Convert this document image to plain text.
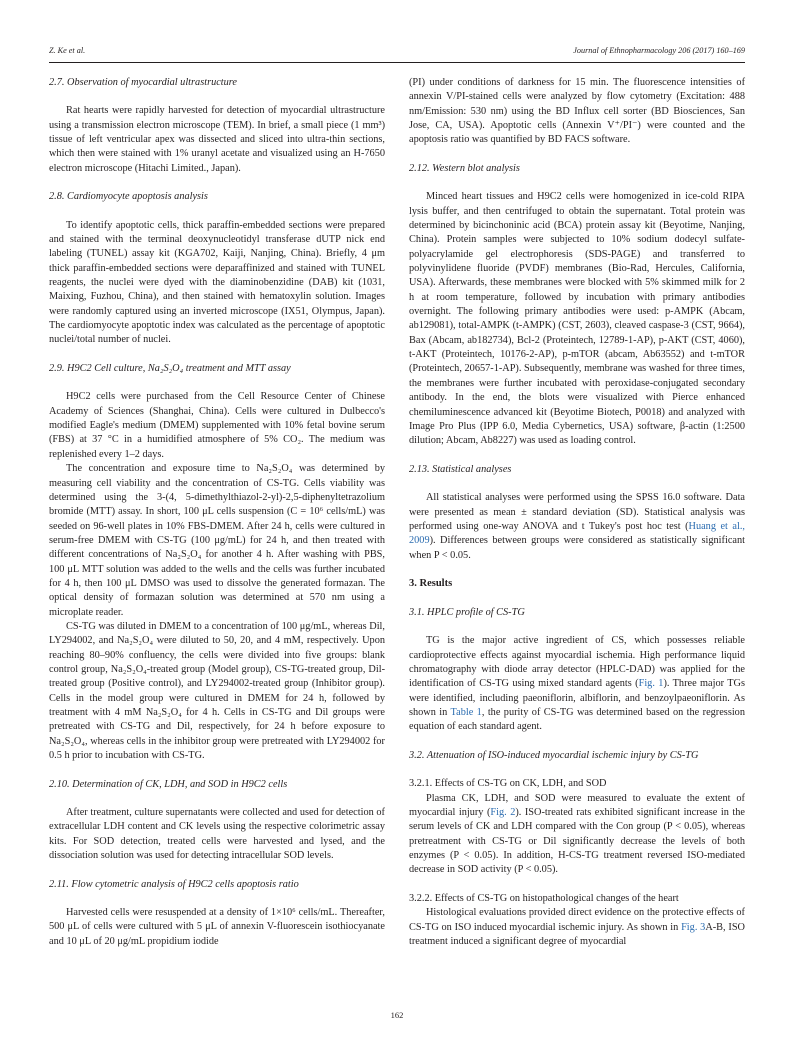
Z. Ke et al.	Journal of Ethnopharmacology 206 (2017) 160–169

2.7. Observation of myocardial ultrastructure

Rat hearts were rapidly harvested for detection of myocardial ultrastructure using a transmission electron microscope (TEM). In brief, a small piece (1 mm³) tissue of left ventricular apex was dissected and sliced into ultra-thin sections, which then were stained with 1% uranyl acetate and visualized using an H-7650 electron microscope (Hitachi Limited., Japan).

2.8. Cardiomyocyte apoptosis analysis

To identify apoptotic cells, thick paraffin-embedded sections were prepared and stained with the terminal deoxynucleotidyl transferase dUTP nick end labeling (TUNEL) assay kit (KGA702, Kaiji, Nanjing, China). Briefly, 4 μm thick paraffin-embedded sections were deparaffinized and stained with TUNEL reagents, the nuclei were dyed with the diaminobenzidine (DAB) kit (1031, Maixing, Fuzhou, China), and then stained with hematoxylin solution. Images were randomly captured using an inverted microscope (IX51, Olympus, Japan). The cardiomyocyte apoptotic index was calculated as the percentage of apoptotic nuclei/total number of nuclei.

2.9. H9C2 Cell culture, Na₂S₂O₄ treatment and MTT assay

H9C2 cells were purchased from the Cell Resource Center of Chinese Academy of Sciences (Shanghai, China). Cells were cultured in Dulbecco's modified Eagle's medium (DMEM) supplemented with 10% fetal bovine serum (FBS) at 37 °C in a humidified atmosphere of 5% CO₂. The medium was replenished every 1–2 days.

The concentration and exposure time to Na₂S₂O₄ was determined by measuring cell viability and the concentration of CS-TG. Cells viability was determined using the 3-(4, 5-dimethylthiazol-2-yl)-2,5-diphenyltetrazolium bromide (MTT) assay. In short, 100 μL cells suspension (C = 10⁶ cells/mL) was seeded on 96-well plates in 10% FBS-DMEM. After 24 h, cells were cultured in serum-free DMEM with CS-TG (100 μg/mL) for 24 h, and then treated with different concentrations of Na₂S₂O₄ for another 4 h. After washing with PBS, 100 μL MTT solution was added to the wells and the cells was further incubated for 4 h, then 100 μL DMSO was used to dissolve the generated formazan. The optical density of formazan solution was determined at 570 nm using a microplate reader.

CS-TG was diluted in DMEM to a concentration of 100 μg/mL, whereas Dil, LY294002, and Na₂S₂O₄ were diluted to 50, 20, and 4 mM, respectively. Upon reaching 80–90% confluency, the cells were divided into five groups: blank control group, Na₂S₂O₄-treated group (Model group), CS-TG-treated group, Dil-treated group (Positive control), and LY294002-treated group (Inhibitor group). Cells in the model group were cultured in DMEM for 24 h, followed by treatment with 4 mM Na₂S₂O₄ for 4 h. Cells in CS-TG and Dil groups were pretreated with CS-TG and Dil, respectively, for 24 h before exposure to Na₂S₂O₄, whereas cells in the inhibitor group were pretreated with LY294002 for 0.5 h prior to incubation with CS-TG.

2.10. Determination of CK, LDH, and SOD in H9C2 cells

After treatment, culture supernatants were collected and used for detection of extracellular LDH content and CK levels using the respective colorimetric assay kits. For SOD detection, treated cells were harvested and lysed, and the dissociation solution was used for detecting intracellular SOD levels.

2.11. Flow cytometric analysis of H9C2 cells apoptosis ratio

Harvested cells were resuspended at a density of 1×10⁶ cells/mL. Thereafter, 500 μL of cells were cultured with 5 μL of annexin V-fluorescein isothiocyanate and 10 μL of 20 μg/mL propidium iodide

(PI) under conditions of darkness for 15 min. The fluorescence intensities of annexin V/PI-stained cells were analyzed by flow cytometry (Excitation: 488 nm/Emission: 530 nm) using the BD Influx cell sorter (BD Biosciences, San Jose, CA, USA). Apoptotic cells (Annexin V⁺/PI⁻) were counted and the apoptosis ratio was quantified by BD FACS software.

2.12. Western blot analysis

Minced heart tissues and H9C2 cells were homogenized in ice-cold RIPA lysis buffer, and then centrifuged to obtain the supernatant. Total protein was determined by bicinchoninic acid (BCA) protein assay kit (Beyotime, Nanjing, China). Protein samples were subjected to 10% sodium dodecyl sulfate-polyacrylamide gel electrophoresis (SDS-PAGE) and transferred to polyvinylidene fluoride (PVDF) membranes (Bio-Rad, Hercules, California, USA). Afterwards, these membranes were blocked with 5% skimmed milk for 2 h at room temperature, followed by incubation with primary antibodies overnight. The following primary antibodies were used: p-AMPK (Abcam, ab129081), total-AMPK (t-AMPK) (CST, 2603), cleaved caspase-3 (CST, 9664), Bax (Abcam, ab182734), Bcl-2 (Proteintech, 12789-1-AP), p-AKT (CST, 4060), t-AKT (Proteintech, 10176-2-AP), p-mTOR (abcam, Ab63552) and t-mTOR (Proteintech, 20657-1-AP). Subsequently, membrane was washed for three times, the membranes were further incubated with peroxidase-conjugated secondary antibody. In the end, the blots were visualized with Pierce enhanced chemiluminescence advanced kit (Beyotime Biotech, P0018) and analyzed with Image Pro Plus (IPP 6.0, Media Cybernetics, USA) software, β-actin (1:2500 dilution; Abcam, Ab8227) was used as loading control.

2.13. Statistical analyses

All statistical analyses were performed using the SPSS 16.0 software. Data were presented as mean ± standard deviation (SD). Statistical analysis was performed using one-way ANOVA and t Tukey's post hoc test (Huang et al., 2009). Differences between groups were considered as statistically significant when P < 0.05.

3. Results

3.1. HPLC profile of CS-TG

TG is the major active ingredient of CS, which possesses reliable cardioprotective effects against myocardial ischemia. High performance liquid chromatography with diode array detector (HPLC-DAD) was applied for the identification of CS-TG using mixed standard agents (Fig. 1). Three major TGs were identified, including paeoniflorin, albiflorin, and benzoylpaeoniflorin. As shown in Table 1, the purity of CS-TG was determined based on the regression equation of each standard agent.

3.2. Attenuation of ISO-induced myocardial ischemic injury by CS-TG

3.2.1. Effects of CS-TG on CK, LDH, and SOD

Plasma CK, LDH, and SOD were measured to evaluate the extent of myocardial injury (Fig. 2). ISO-treated rats exhibited significant increase in the serum levels of CK and LDH compared with the Con group (P < 0.05), whereas pretreatment with CS-TG or Dil significantly decrease the levels of both enzymes (P < 0.05). In addition, H-CS-TG treatment reversed ISO-mediated decrease in SOD activity (P < 0.05).

3.2.2. Effects of CS-TG on histopathological changes of the heart

Histological evaluations provided direct evidence on the protective effects of CS-TG on ISO induced myocardial ischemic injury. As shown in Fig. 3A-B, ISO treatment induced a significant degree of myocardial

162
